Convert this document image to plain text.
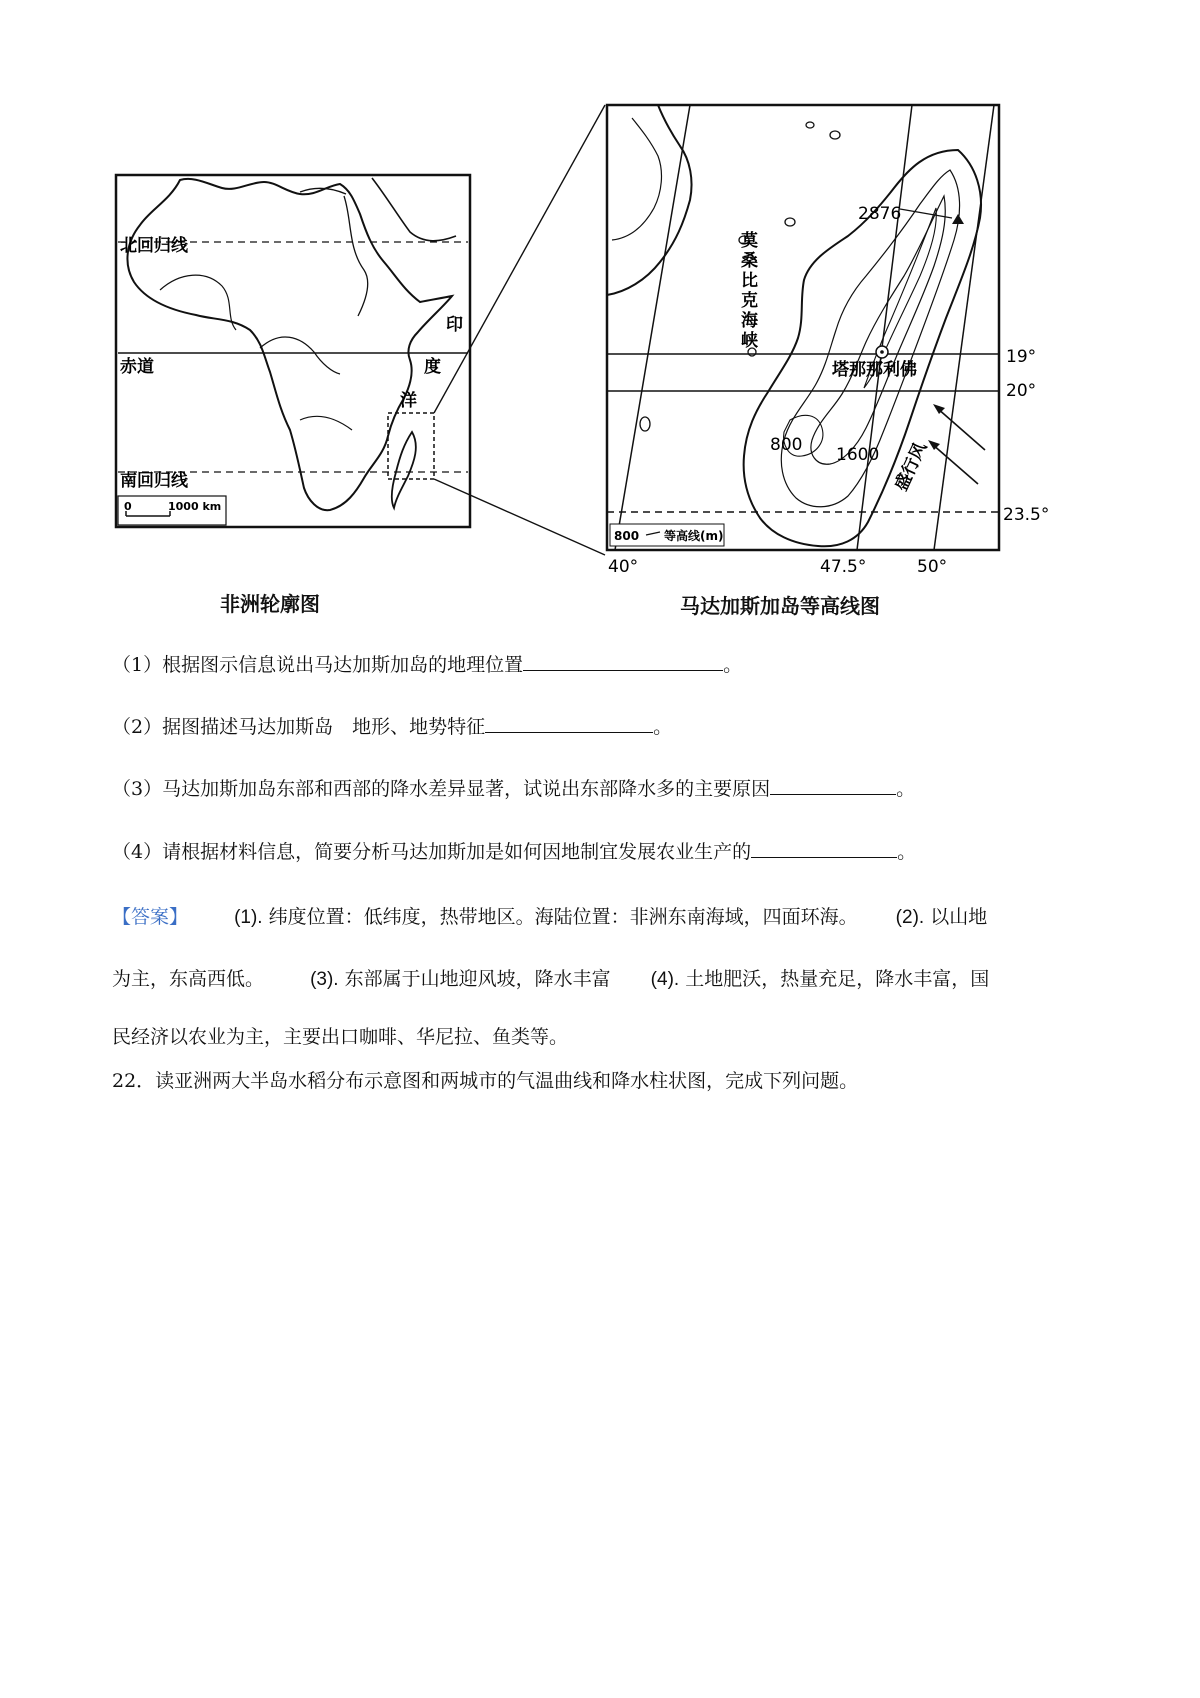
0	1000 km
北回归线
赤道
南回归线
印
度
洋
非洲轮廓图
800 等高线(m)
2876
塔那那利佛
800 1600
19°
20°
23.5°
40°	47.5°	50°
莫
桑
比
克
海
峡
盛行风
马达加斯加岛等高线图
（1）根据图示信息说出马达加斯加岛的地理位置	。
（2）据图描述马达加斯岛　地形、地势特征	。
（3）马达加斯加岛东部和西部的降水差异显著，试说出东部降水多的主要原因	。
（4）请根据材料信息，简要分析马达加斯加是如何因地制宜发展农业生产的	。
【答案】 (1). 纬度位置：低纬度，热带地区。海陆位置：非洲东南海域，四面环海。 (2). 以山地
为主，东高西低。 (3). 东部属于山地迎风坡，降水丰富 (4). 土地肥沃，热量充足，降水丰富，国
民经济以农业为主，主要出口咖啡、华尼拉、鱼类等。
22．读亚洲两大半岛水稻分布示意图和两城市的气温曲线和降水柱状图，完成下列问题。
